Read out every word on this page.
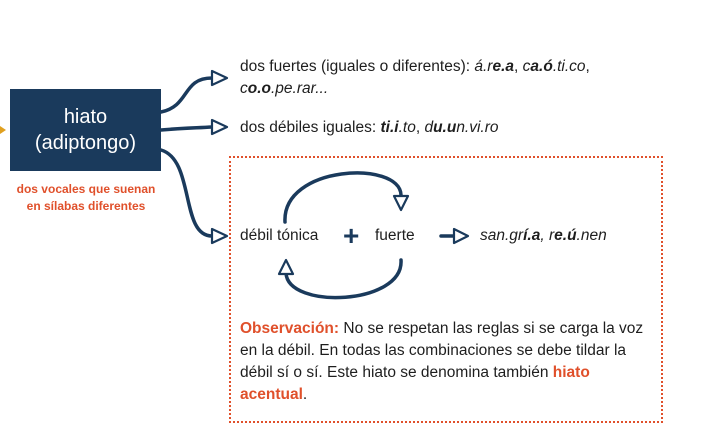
hiato
(adiptongo)
dos vocales que suenan
en sílabas diferentes
dos fuertes (iguales o diferentes): á.re.a, ca.ó.ti.co,
co.o.pe.rar...
dos débiles iguales: ti.i.to, du.un.vi.ro
débil tónica + fuerte	san.grí.a, re.ú.nen
Observación: No se respetan las reglas si se carga la voz en la débil. En todas las combinaciones se debe tildar la débil sí o sí. Este hiato se denomina también hiato acentual.
